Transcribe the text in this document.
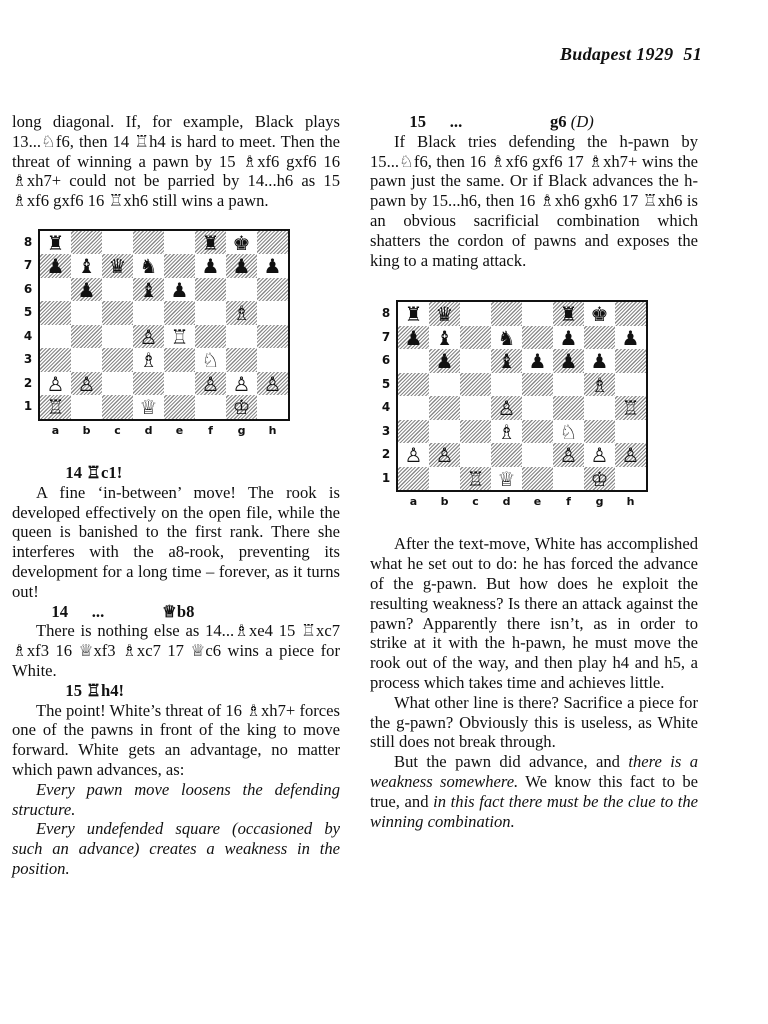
Budapest 1929 51

long diagonal. If, for example, Black plays 13...♘f6, then 14 ♖h4 is hard to meet. Then the threat of winning a pawn by 15 ♗xf6 gxf6 16 ♗xh7+ could not be parried by 14...h6 as 15 ♗xf6 gxf6 16 ♖xh6 still wins a pawn.

8
7
6
5
4
3
2
1
♜	♜ ♚
♟ ♝ ♛ ♞ ♟ ♟ ♟
♟ ♝ ♟
♗
♙ ♖
♗ ♘
♙ ♙	♙ ♙ ♙
♖	♕	♔
a	b	c	d	e	f	g	h

14 ♖c1!

A fine ‘in-between’ move! The rook is developed effectively on the open file, while the queen is banished to the first rank. There she interferes with the a8-rook, preventing its development for a long time – forever, as it turns out!

14 ...	♕b8

There is nothing else as 14...♗xe4 15 ♖xc7 ♗xf3 16 ♕xf3 ♗xc7 17 ♕c6 wins a piece for White.

15 ♖h4!

The point! White’s threat of 16 ♗xh7+ forces one of the pawns in front of the king to move forward. White gets an advantage, no matter which pawn advances, as:

Every pawn move loosens the defending structure.

Every undefended square (occasioned by such an advance) creates a weakness in the position.

15 ...	g6 (D)

If Black tries defending the h-pawn by 15...♘f6, then 16 ♗xf6 gxf6 17 ♗xh7+ wins the pawn just the same. Or if Black advances the h-pawn by 15...h6, then 16 ♗xh6 gxh6 17 ♖xh6 is an obvious sacrificial combination which shatters the cordon of pawns and exposes the king to a mating attack.

8
7
6
5
4
3
2
1
♜ ♛	♜ ♚
♟ ♝ ♞ ♟ ♟
♟ ♝ ♟ ♟ ♟
♗
♙	♖
♗ ♘
♙ ♙	♙ ♙ ♙
♖ ♕	♔
a	b	c	d	e	f	g	h

After the text-move, White has accomplished what he set out to do: he has forced the advance of the g-pawn. But how does he exploit the resulting weakness? Is there an attack against the pawn? Apparently there isn’t, as in order to strike at it with the h-pawn, he must move the rook out of the way, and then play h4 and h5, a process which takes time and achieves little.

What other line is there? Sacrifice a piece for the g-pawn? Obviously this is useless, as White still does not break through.

But the pawn did advance, and there is a weakness somewhere. We know this fact to be true, and in this fact there must be the clue to the winning combination.
